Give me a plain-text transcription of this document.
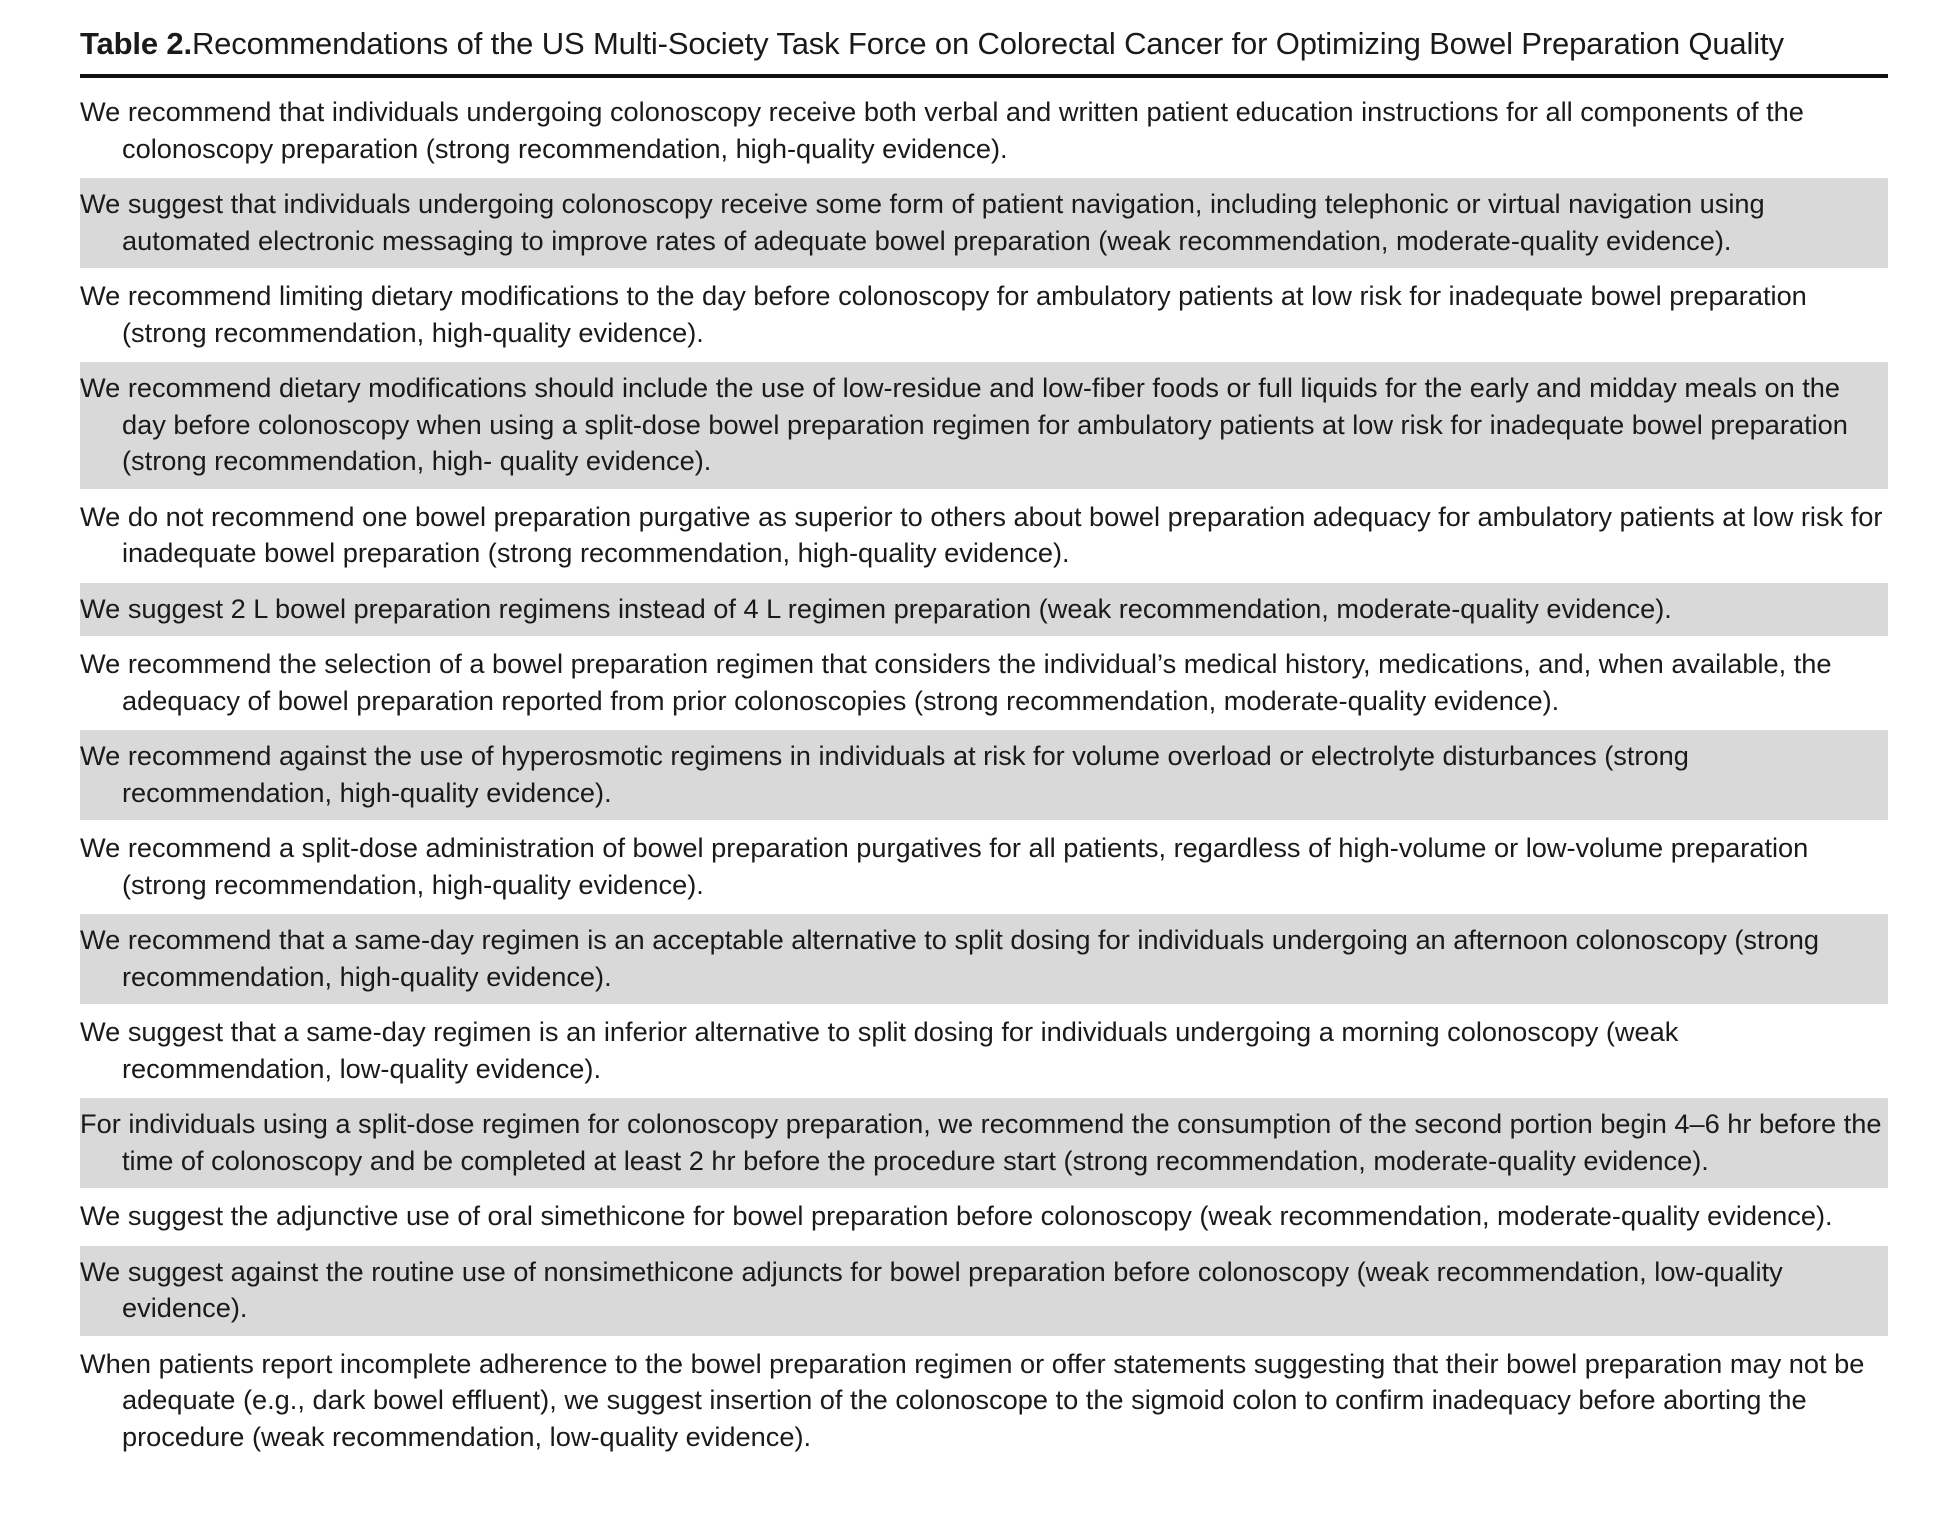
Table 2.Recommendations of the US Multi-Society Task Force on Colorectal Cancer for Optimizing Bowel Preparation Quality
We recommend that individuals undergoing colonoscopy receive both verbal and written patient education instructions for all components of the colonoscopy preparation (strong recommendation, high-quality evidence).
We suggest that individuals undergoing colonoscopy receive some form of patient navigation, including telephonic or virtual navigation using automated electronic messaging to improve rates of adequate bowel preparation (weak recommendation, moderate-quality evidence).
We recommend limiting dietary modifications to the day before colonoscopy for ambulatory patients at low risk for inadequate bowel preparation (strong recommendation, high-quality evidence).
We recommend dietary modifications should include the use of low-residue and low-fiber foods or full liquids for the early and midday meals on the day before colonoscopy when using a split-dose bowel preparation regimen for ambulatory patients at low risk for inadequate bowel preparation (strong recommendation, high- quality evidence).
We do not recommend one bowel preparation purgative as superior to others about bowel preparation adequacy for ambulatory patients at low risk for inadequate bowel preparation (strong recommendation, high-quality evidence).
We suggest 2 L bowel preparation regimens instead of 4 L regimen preparation (weak recommendation, moderate-quality evidence).
We recommend the selection of a bowel preparation regimen that considers the individual’s medical history, medications, and, when available, the adequacy of bowel preparation reported from prior colonoscopies (strong recommendation, moderate-quality evidence).
We recommend against the use of hyperosmotic regimens in individuals at risk for volume overload or electrolyte disturbances (strong recommendation, high-quality evidence).
We recommend a split-dose administration of bowel preparation purgatives for all patients, regardless of high-volume or low-volume preparation (strong recommendation, high-quality evidence).
We recommend that a same-day regimen is an acceptable alternative to split dosing for individuals undergoing an afternoon colonoscopy (strong recommendation, high-quality evidence).
We suggest that a same-day regimen is an inferior alternative to split dosing for individuals undergoing a morning colonoscopy (weak recommendation, low-quality evidence).
For individuals using a split-dose regimen for colonoscopy preparation, we recommend the consumption of the second portion begin 4–6 hr before the time of colonoscopy and be completed at least 2 hr before the procedure start (strong recommendation, moderate-quality evidence).
We suggest the adjunctive use of oral simethicone for bowel preparation before colonoscopy (weak recommendation, moderate-quality evidence).
We suggest against the routine use of nonsimethicone adjuncts for bowel preparation before colonoscopy (weak recommendation, low-quality evidence).
When patients report incomplete adherence to the bowel preparation regimen or offer statements suggesting that their bowel preparation may not be adequate (e.g., dark bowel effluent), we suggest insertion of the colonoscope to the sigmoid colon to confirm inadequacy before aborting the procedure (weak recommendation, low-quality evidence).
